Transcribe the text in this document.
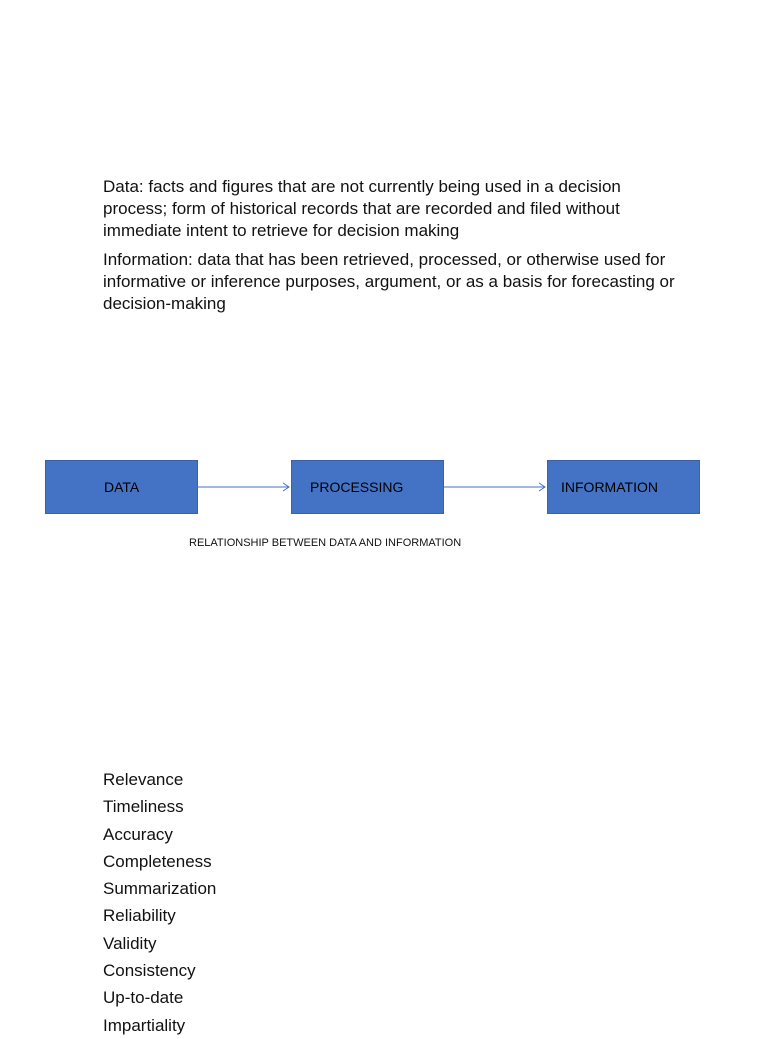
Data: facts and figures that are not currently being used in a decision process; form of historical records that are recorded and filed without immediate intent to retrieve for decision making

Information: data that has been retrieved, processed, or otherwise used for informative or inference purposes, argument, or as a basis for forecasting or decision-making

DATA	PROCESSING	INFORMATION
RELATIONSHIP BETWEEN DATA AND INFORMATION
Relevance
Timeliness
Accuracy
Completeness
Summarization
Reliability
Validity
Consistency
Up-to-date
Impartiality
